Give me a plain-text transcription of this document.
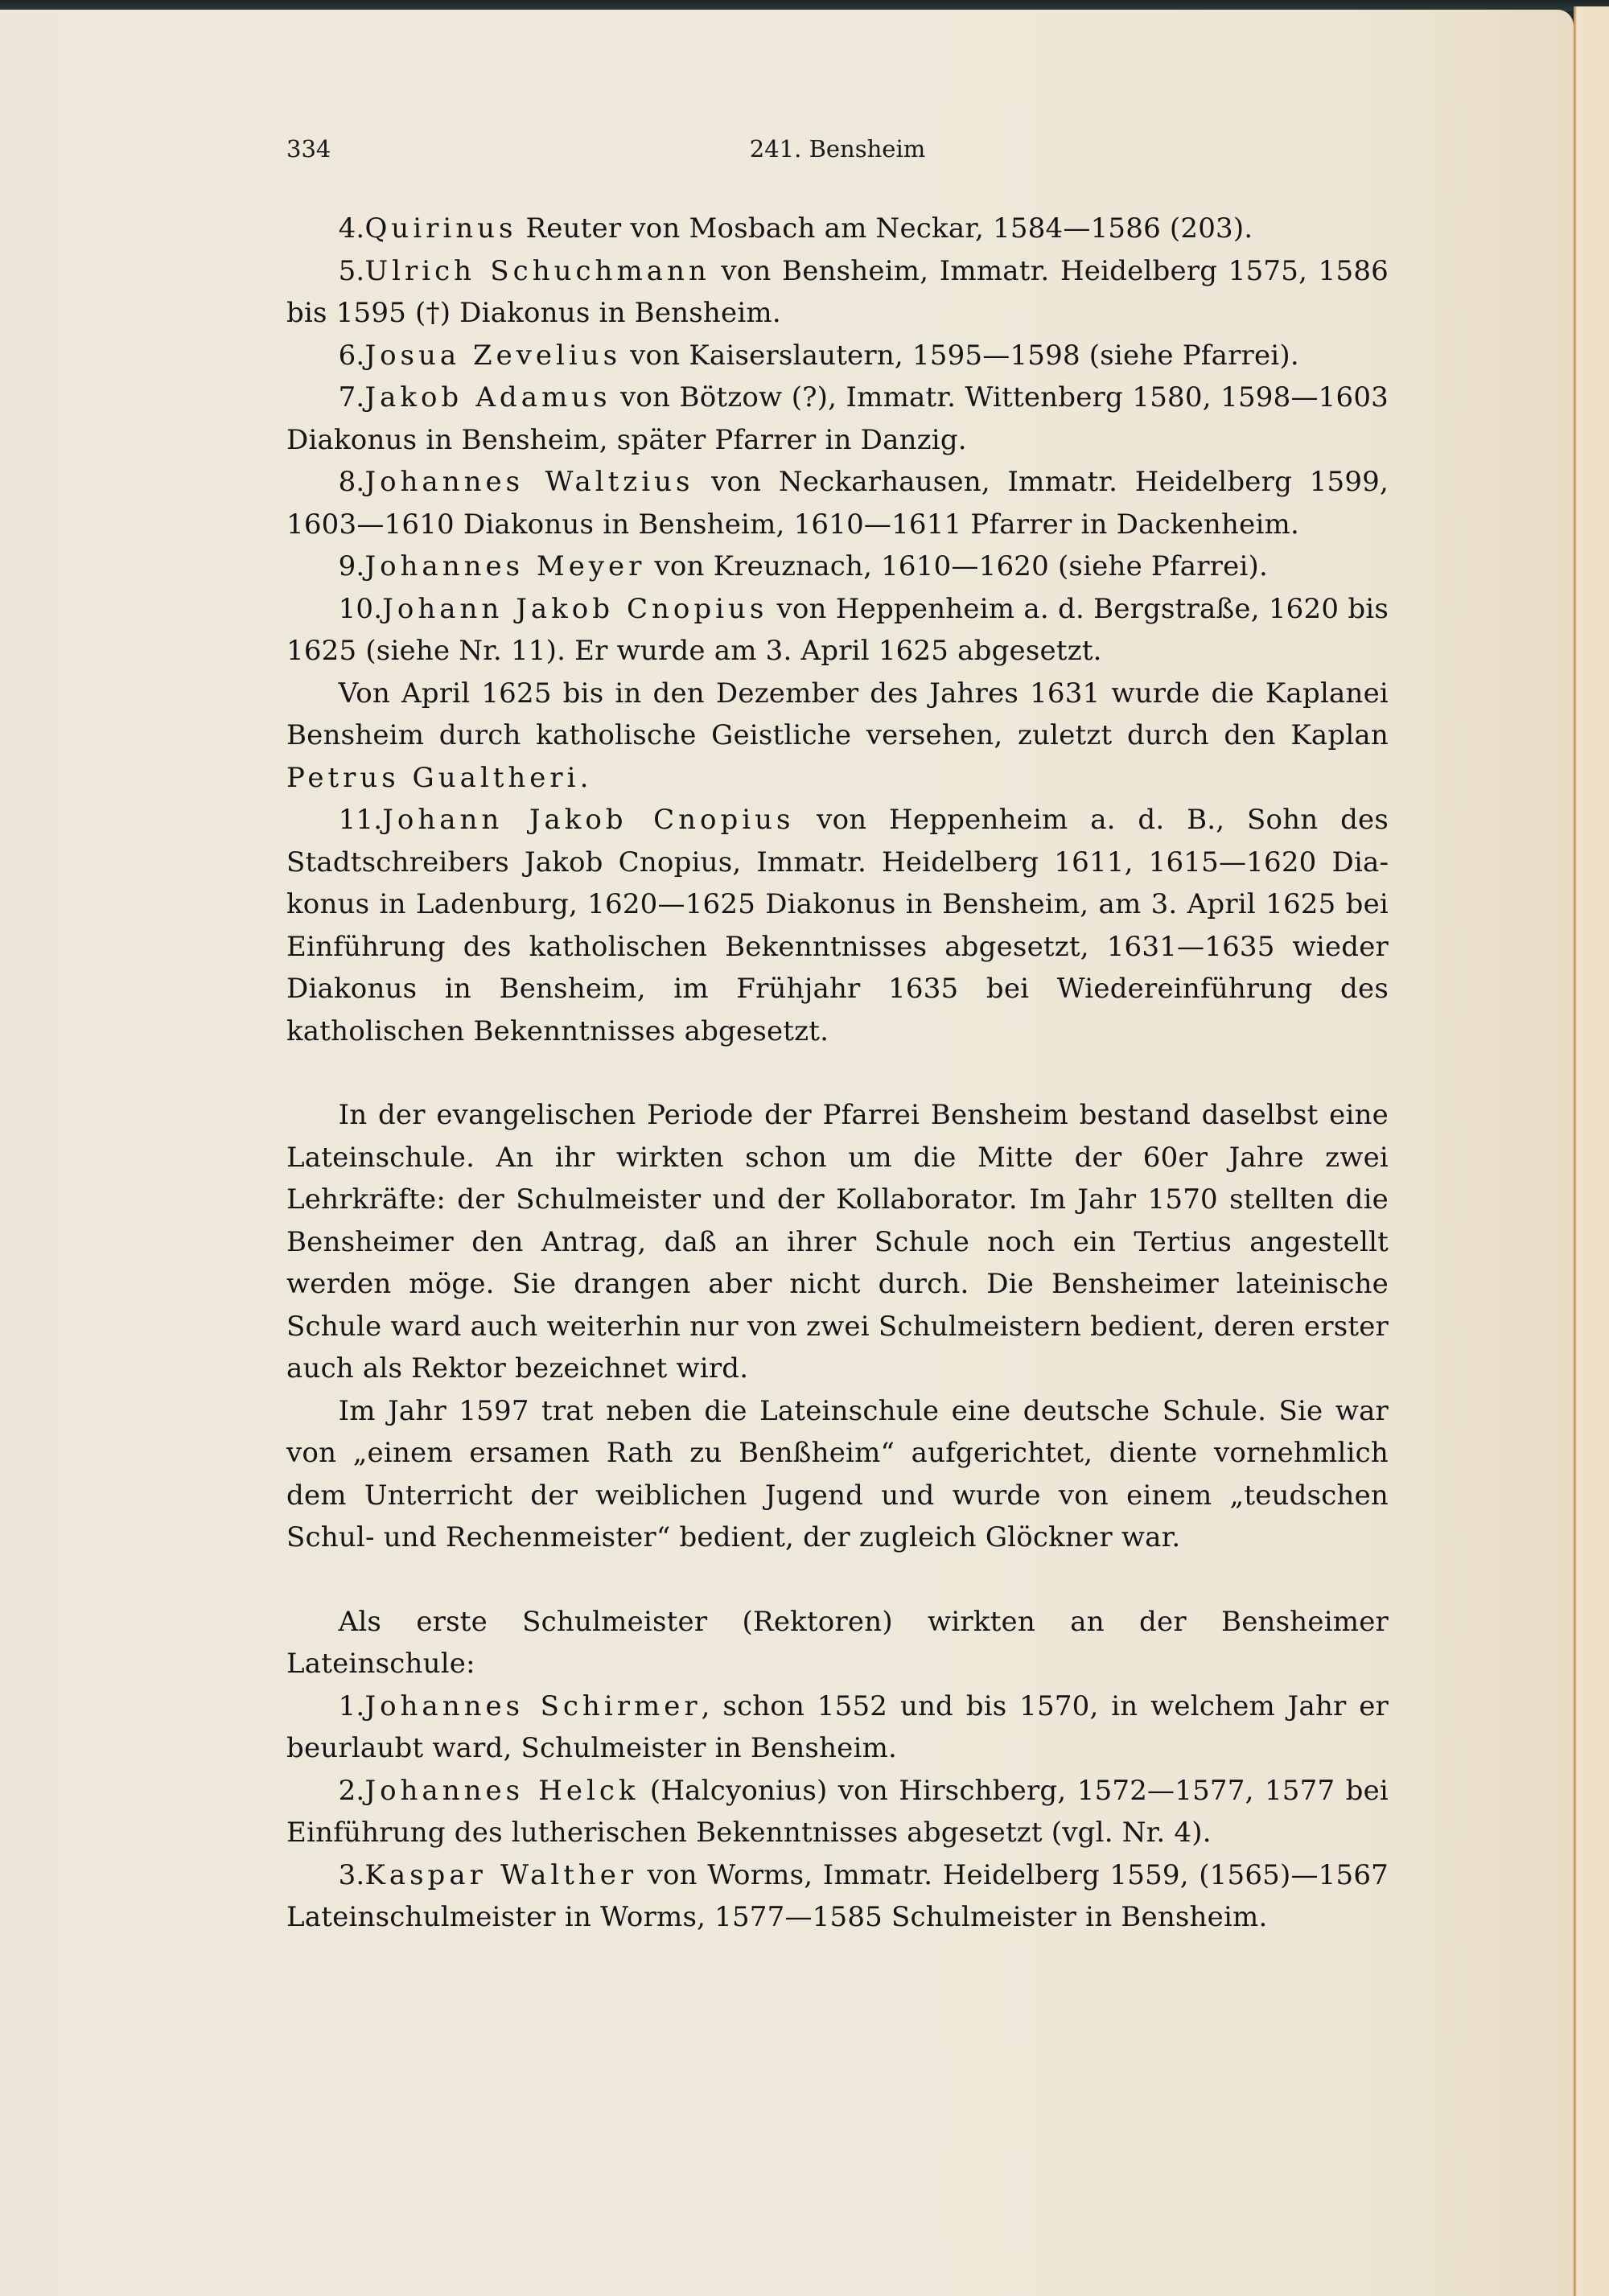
334	241. Bensheim

4.Quirinus Reuter von Mosbach am Neckar, 1584—1586 (203).

5.Ulrich Schuchmann von Bensheim, Immatr. Heidelberg 1575, 1586 bis 1595 (†) Diakonus in Bensheim.

6.Josua Zevelius von Kaiserslautern, 1595—1598 (siehe Pfarrei).

7.Jakob Adamus von Bötzow (?), Immatr. Wittenberg 1580, 1598—1603 Diakonus in Bensheim, später Pfarrer in Danzig.

8.Johannes Waltzius von Neckarhausen, Immatr. Heidelberg 1599, 1603—1610 Diakonus in Bensheim, 1610—1611 Pfarrer in Dackenheim.

9.Johannes Meyer von Kreuznach, 1610—1620 (siehe Pfarrei).

10.Johann Jakob Cnopius von Heppenheim a. d. Bergstraße, 1620 bis 1625 (siehe Nr. 11). Er wurde am 3. April 1625 abgesetzt.

Von April 1625 bis in den Dezember des Jahres 1631 wurde die Kaplanei Bensheim durch katholische Geistliche versehen, zuletzt durch den Kaplan Petrus Gualtheri.

11.Johann Jakob Cnopius von Heppenheim a. d. B., Sohn des Stadtschreibers Jakob Cnopius, Immatr. Heidelberg 1611, 1615—1620 Diakonus in Ladenburg, 1620—1625 Diakonus in Bensheim, am 3. April 1625 bei Einführung des katholischen Bekenntnisses abgesetzt, 1631—1635 wieder Diakonus in Bensheim, im Frühjahr 1635 bei Wiedereinführung des katholischen Bekenntnisses abgesetzt.

In der evangelischen Periode der Pfarrei Bensheim bestand daselbst eine Lateinschule. An ihr wirkten schon um die Mitte der 60er Jahre zwei Lehrkräfte: der Schulmeister und der Kollaborator. Im Jahr 1570 stellten die Bensheimer den Antrag, daß an ihrer Schule noch ein Tertius angestellt werden möge. Sie drangen aber nicht durch. Die Bensheimer lateinische Schule ward auch weiterhin nur von zwei Schulmeistern bedient, deren erster auch als Rektor bezeichnet wird.

Im Jahr 1597 trat neben die Lateinschule eine deutsche Schule. Sie war von „einem ersamen Rath zu Benßheim“ aufgerichtet, diente vornehmlich dem Unterricht der weiblichen Jugend und wurde von einem „teudschen Schul- und Rechenmeister“ bedient, der zugleich Glöckner war.

Als erste Schulmeister (Rektoren) wirkten an der Bensheimer Lateinschule:

1.Johannes Schirmer, schon 1552 und bis 1570, in welchem Jahr er beurlaubt ward, Schulmeister in Bensheim.

2.Johannes Helck (Halcyonius) von Hirschberg, 1572—1577, 1577 bei Einführung des lutherischen Bekenntnisses abgesetzt (vgl. Nr. 4).

3.Kaspar Walther von Worms, Immatr. Heidelberg 1559, (1565)—1567 Lateinschulmeister in Worms, 1577—1585 Schulmeister in Bensheim.
